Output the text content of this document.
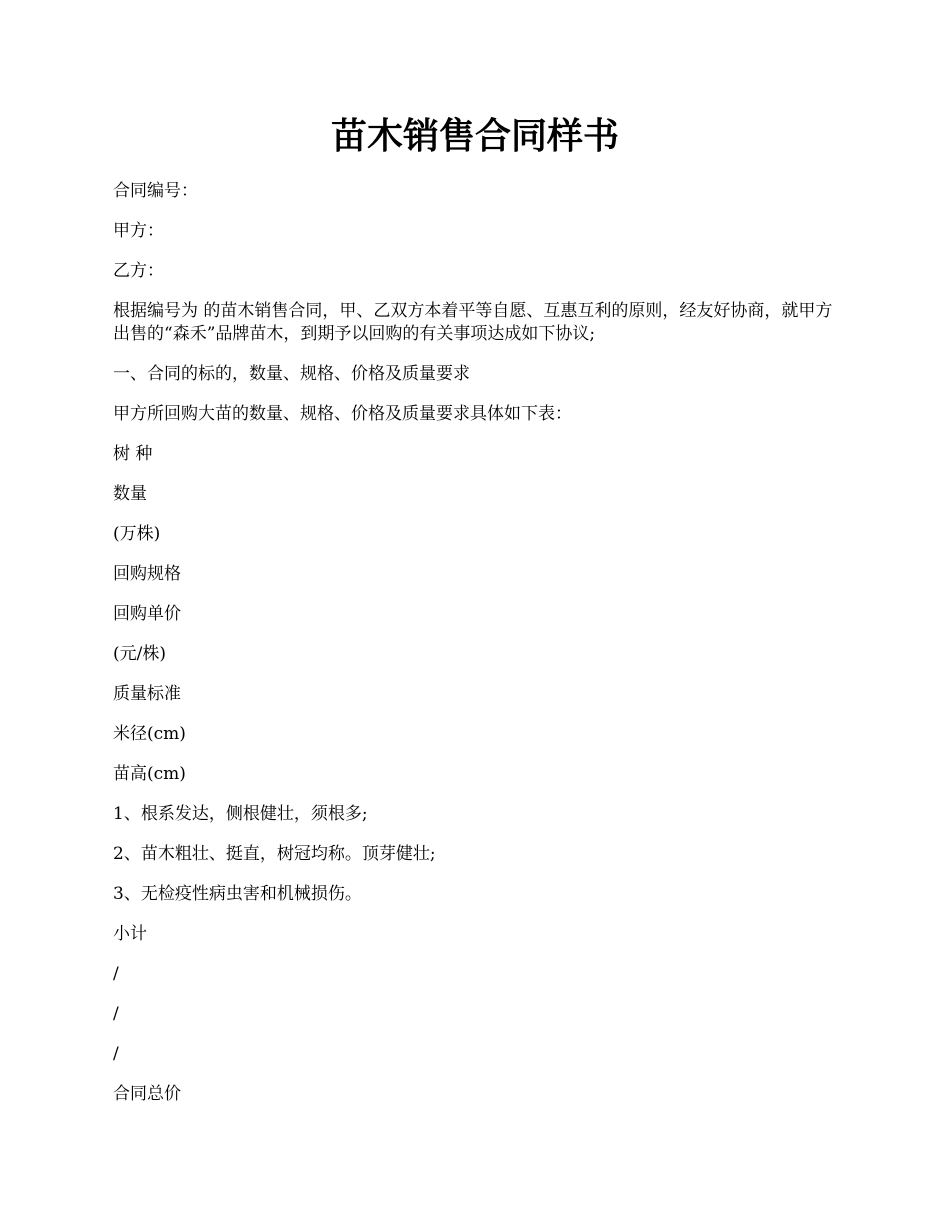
苗木销售合同样书

合同编号：

甲方：

乙方：

根据编号为 的苗木销售合同，甲、乙双方本着平等自愿、互惠互利的原则，经友好协商，就甲方出售的“森禾”品牌苗木，到期予以回购的有关事项达成如下协议;

一、合同的标的，数量、规格、价格及质量要求

甲方所回购大苗的数量、规格、价格及质量要求具体如下表：

树 种

数量

(万株)

回购规格

回购单价

(元/株)

质量标准

米径(cm)

苗高(cm)

1、根系发达，侧根健壮，须根多;

2、苗木粗壮、挺直，树冠均称。顶芽健壮;

3、无检疫性病虫害和机械损伤。

小计

/

/

/

合同总价
